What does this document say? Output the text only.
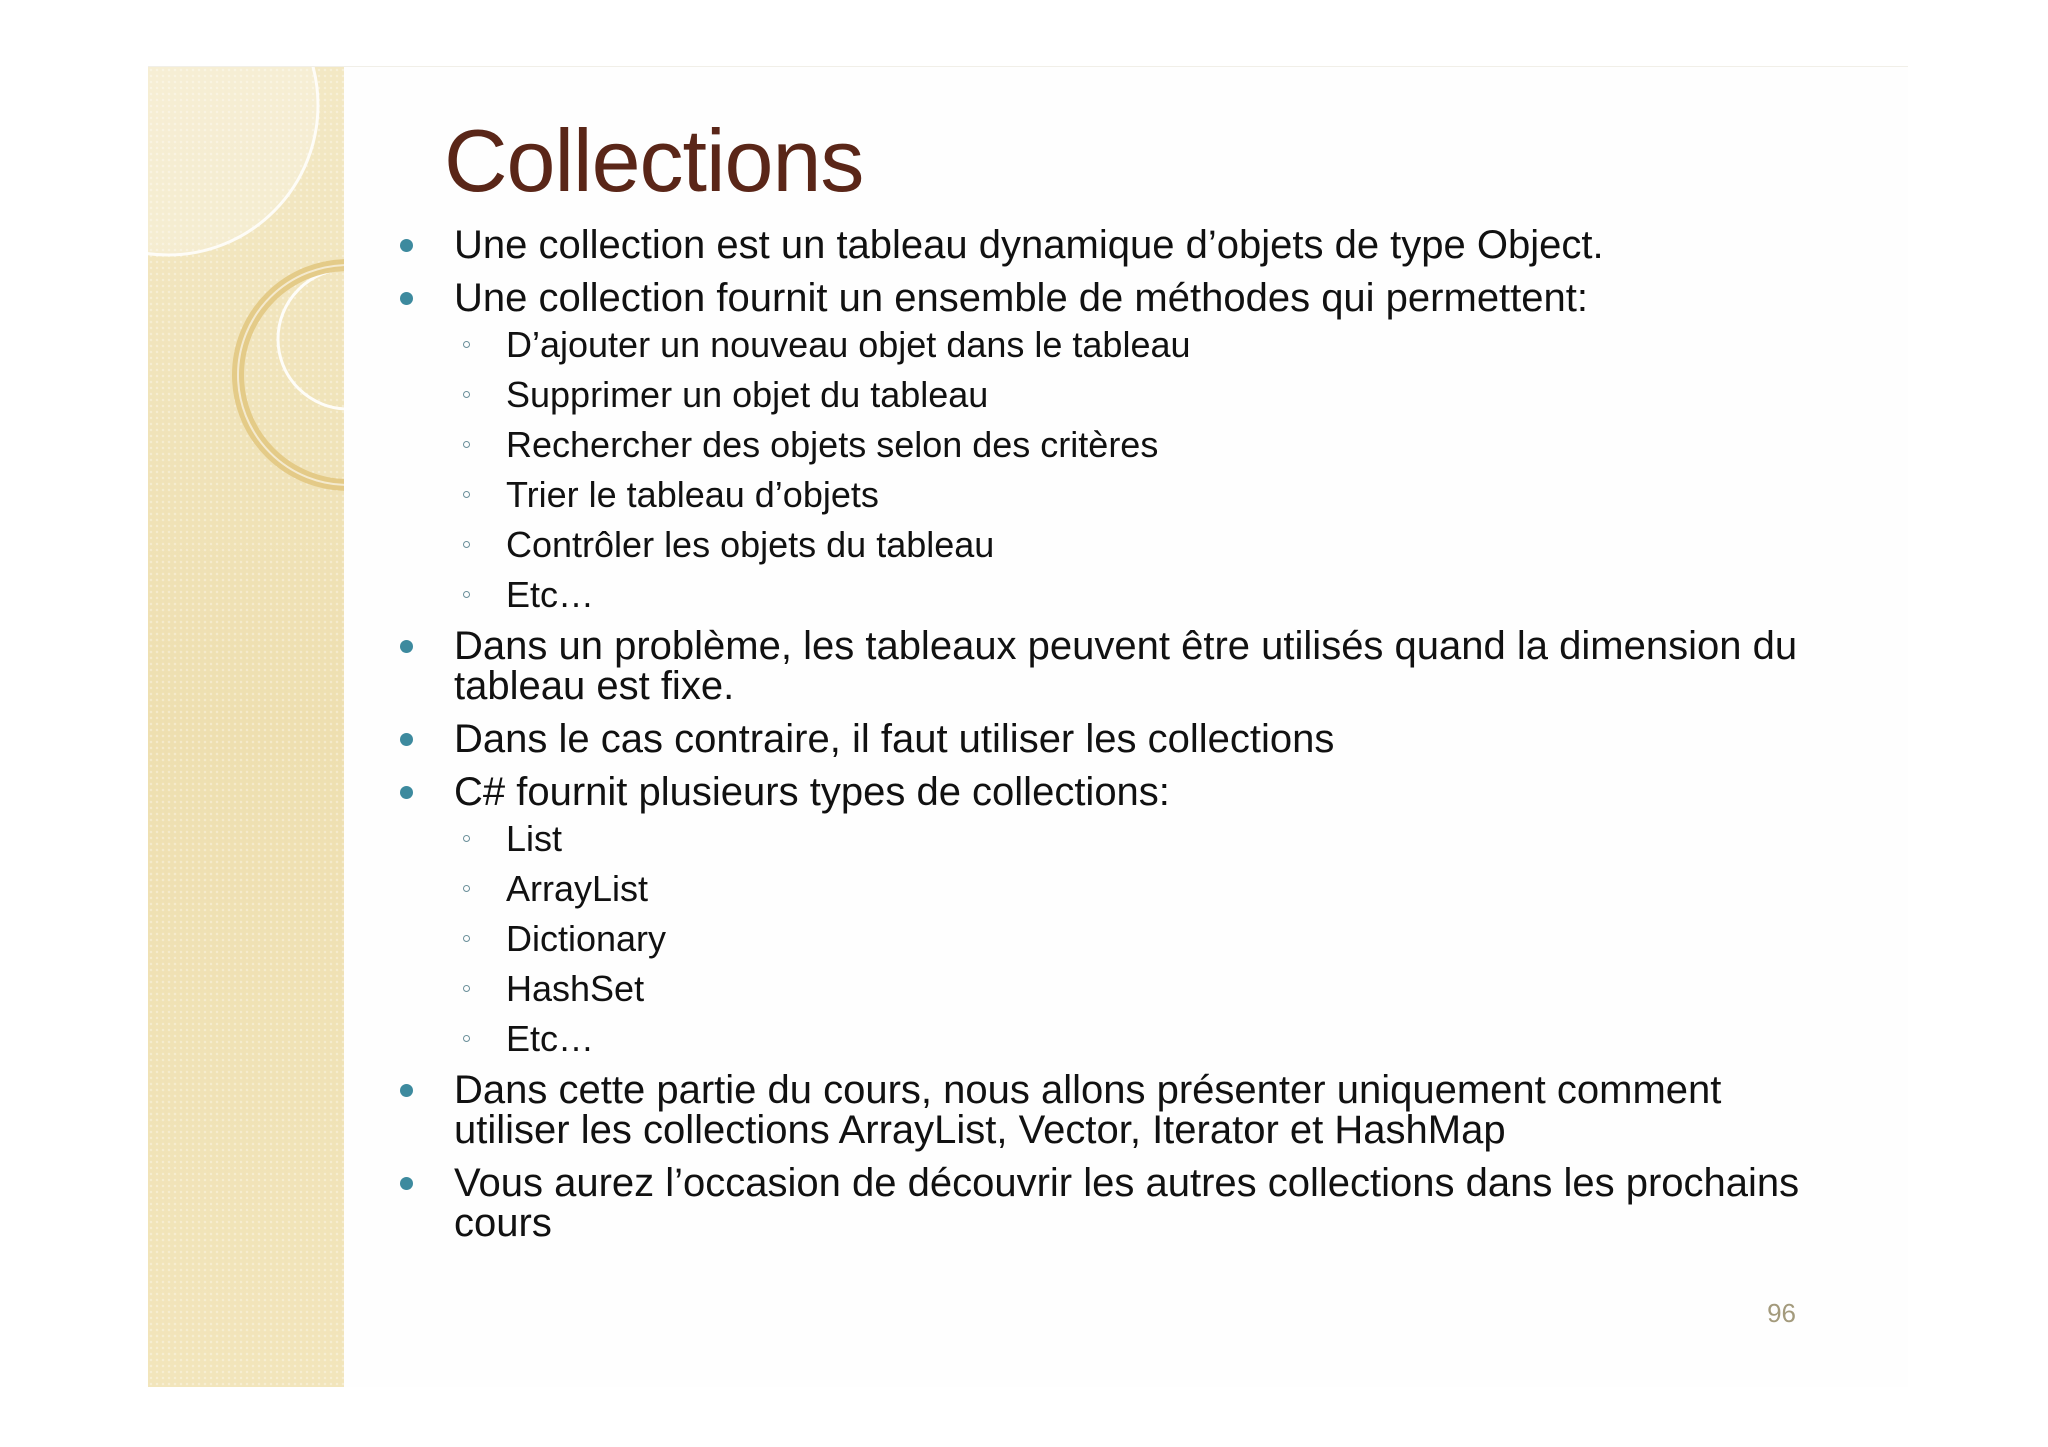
Collections
Une collection est un tableau dynamique d’objets de type Object.
Une collection fournit un ensemble de méthodes qui permettent:
D’ajouter un nouveau objet dans le tableau
Supprimer un objet du tableau
Rechercher des objets selon des critères
Trier le tableau d’objets
Contrôler les objets du tableau
Etc…
Dans un problème, les tableaux peuvent être utilisés quand la dimension du tableau est fixe.
Dans le cas contraire, il faut utiliser les collections
C# fournit plusieurs types de collections:
List
ArrayList
Dictionary
HashSet
Etc…
Dans cette partie du cours, nous allons présenter uniquement comment utiliser les collections ArrayList, Vector, Iterator et HashMap
Vous aurez l’occasion de découvrir les autres collections dans les prochains cours
96
